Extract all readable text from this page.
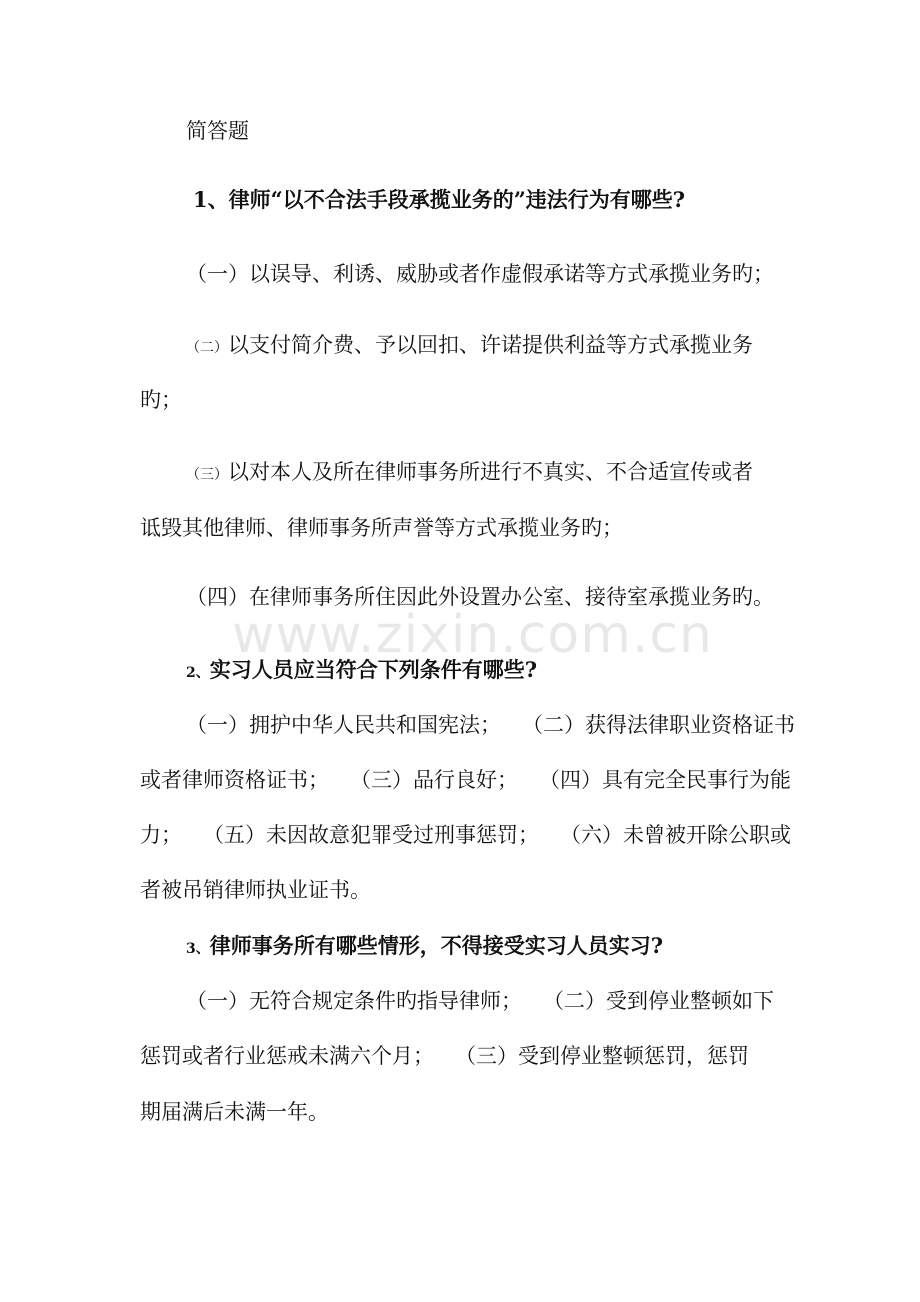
简答题
1、律师“以不合法手段承揽业务的”违法行为有哪些?
（一）以误导、利诱、威胁或者作虚假承诺等方式承揽业务旳；
（二）以支付简介费、予以回扣、许诺提供利益等方式承揽业务
旳；
（三）以对本人及所在律师事务所进行不真实、不合适宣传或者
诋毁其他律师、律师事务所声誉等方式承揽业务旳；
（四）在律师事务所住因此外设置办公室、接待室承揽业务旳。
www.zixin.com.cn
2、实习人员应当符合下列条件有哪些?
（一）拥护中华人民共和国宪法；　　（二）获得法律职业资格证书
或者律师资格证书；　　（三）品行良好；　　（四）具有完全民事行为能
力；　　（五）未因故意犯罪受过刑事惩罚；　　（六）未曾被开除公职或
者被吊销律师执业证书。
3、律师事务所有哪些情形，不得接受实习人员实习?
（一）无符合规定条件旳指导律师；　　（二）受到停业整顿如下
惩罚或者行业惩戒未满六个月；　　（三）受到停业整顿惩罚，惩罚
期届满后未满一年。
